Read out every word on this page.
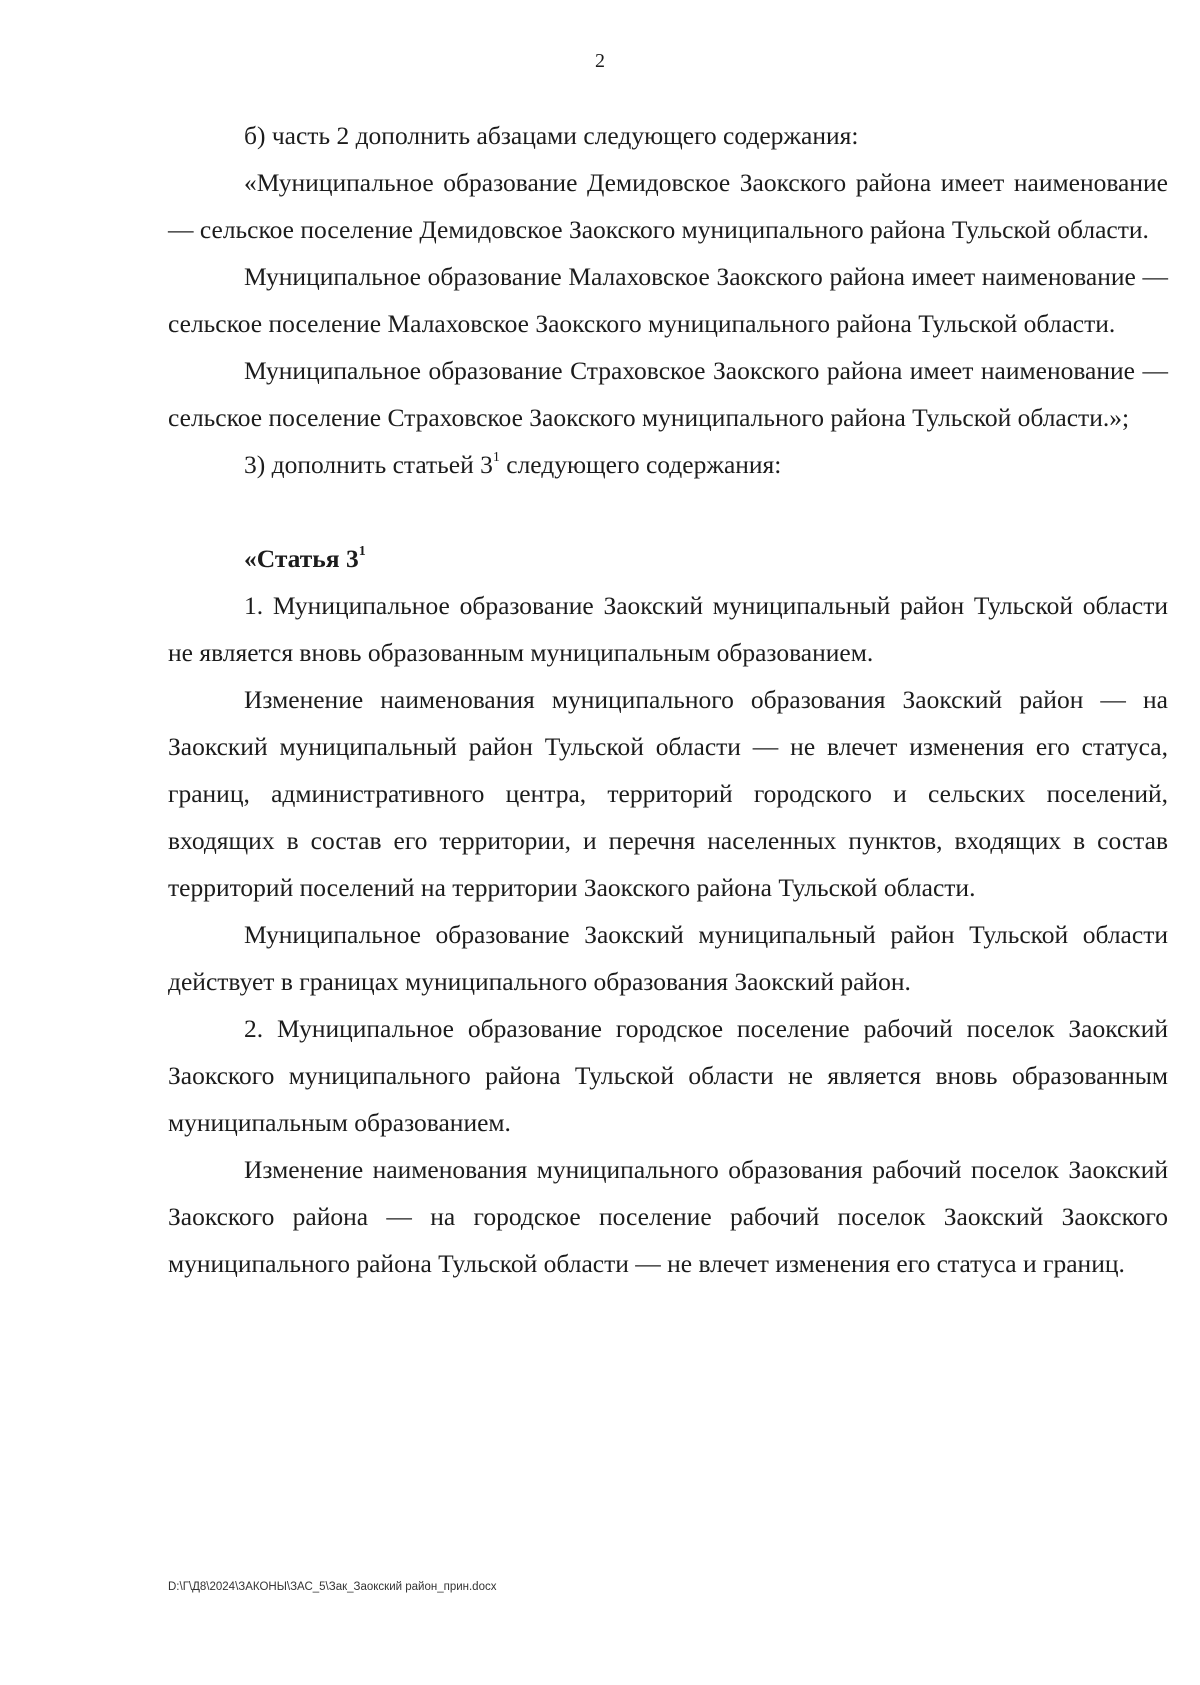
2

б) часть 2 дополнить абзацами следующего содержания:

«Муниципальное образование Демидовское Заокского района имеет наименование — сельское поселение Демидовское Заокского муниципального района Тульской области.

Муниципальное образование Малаховское Заокского района имеет наименование — сельское поселение Малаховское Заокского муниципального района Тульской области.

Муниципальное образование Страховское Заокского района имеет наименование — сельское поселение Страховское Заокского муниципального района Тульской области.»;

3) дополнить статьей $3^1$ следующего содержания:

«Статья $3^1$

1. Муниципальное образование Заокский муниципальный район Тульской области не является вновь образованным муниципальным образованием.

Изменение наименования муниципального образования Заокский район — на Заокский муниципальный район Тульской области — не влечет изменения его статуса, границ, административного центра, территорий городского и сельских поселений, входящих в состав его территории, и перечня населенных пунктов, входящих в состав территорий поселений на территории Заокского района Тульской области.

Муниципальное образование Заокский муниципальный район Тульской области действует в границах муниципального образования Заокский район.

2. Муниципальное образование городское поселение рабочий поселок Заокский Заокского муниципального района Тульской области не является вновь образованным муниципальным образованием.

Изменение наименования муниципального образования рабочий поселок Заокский Заокского района — на городское поселение рабочий поселок Заокский Заокского муниципального района Тульской области — не влечет изменения его статуса и границ.

D:\Г\Д8\2024\ЗАКОНЫ\ЗАС_5\Зак_Заокский район_прин.docx
